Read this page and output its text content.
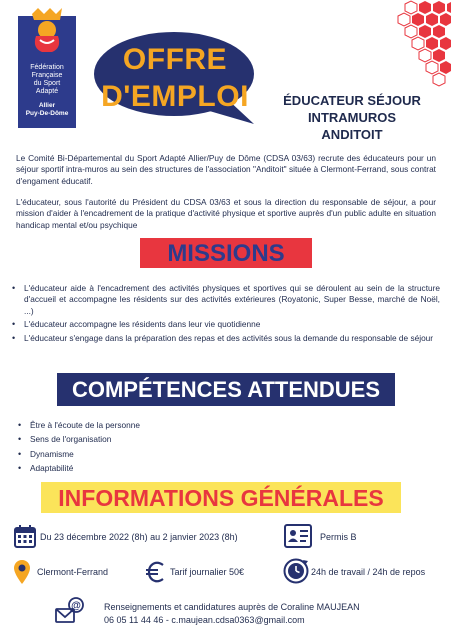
Fédération
Française
du Sport
Adapté
Allier
Puy-De-Dôme
OFFRE
D'EMPLOI	ÉDUCATEUR SÉJOUR
INTRAMUROS
ANDITOIT
Le Comité Bi-Départemental du Sport Adapté Allier/Puy de Dôme (CDSA 03/63) recrute des éducateurs pour un séjour sportif intra-muros au sein des structures de l'association "Anditoit" située à Clermont-Ferrand, sous contrat d'engament éducatif.
L'éducateur, sous l'autorité du Président du CDSA 03/63 et sous la direction du responsable de séjour, a pour mission d'aider à l'encadrement de la pratique d'activité physique et sportive auprès d'un public adulte en situation handicap mental et/ou psychique
MISSIONS
• L'éducateur aide à l'encadrement des activités physiques et sportives qui se déroulent au sein de la structure d'accueil et accompagne les résidents sur des activités extérieures (Royatonic, Super Besse, marché de Noël, ...)
• L'éducateur accompagne les résidents dans leur vie quotidienne
• L'éducateur s'engage dans la préparation des repas et des activités sous la demande du responsable de séjour
COMPÉTENCES ATTENDUES
• Être à l'écoute de la personne
• Sens de l'organisation
• Dynamisme
• Adaptabilité
INFORMATIONS GÉNÉRALES
Du 23 décembre 2022 (8h) au 2 janvier 2023 (8h)	Permis B
Clermont-Ferrand	Tarif journalier 50€	24h de travail / 24h de repos
@	Renseignements et candidatures auprès de Coraline MAUJEAN
06 05 11 44 46 - c.maujean.cdsa0363@gmail.com
